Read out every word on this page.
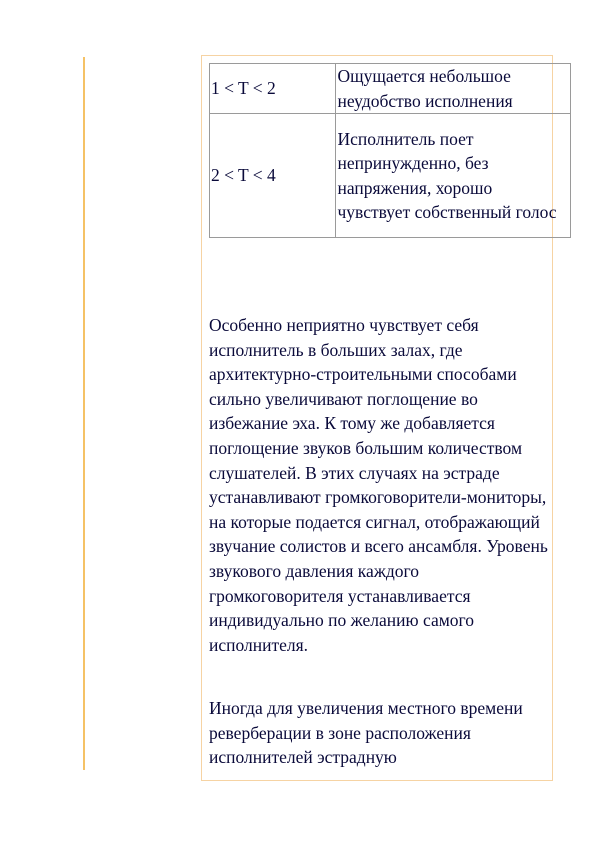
1 < T < 2	Ощущается небольшое неудобство исполнения
2 < T < 4	Исполнитель поет непринужденно, без напряжения, хорошо чувствует собственный голос

Особенно неприятно чувствует себя исполнитель в больших залах, где архитектурно-строительными способами сильно увеличивают поглощение во избежание эха. К тому же добавляется поглощение звуков большим количеством слушателей. В этих случаях на эстраде устанавливают громкоговорители-мониторы, на которые подается сигнал, отображающий звучание солистов и всего ансамбля. Уровень звукового давления каждого громкоговорителя устанавливается индивидуально по желанию самого исполнителя.

Иногда для увеличения местного времени реверберации в зоне расположения исполнителей эстрадную
